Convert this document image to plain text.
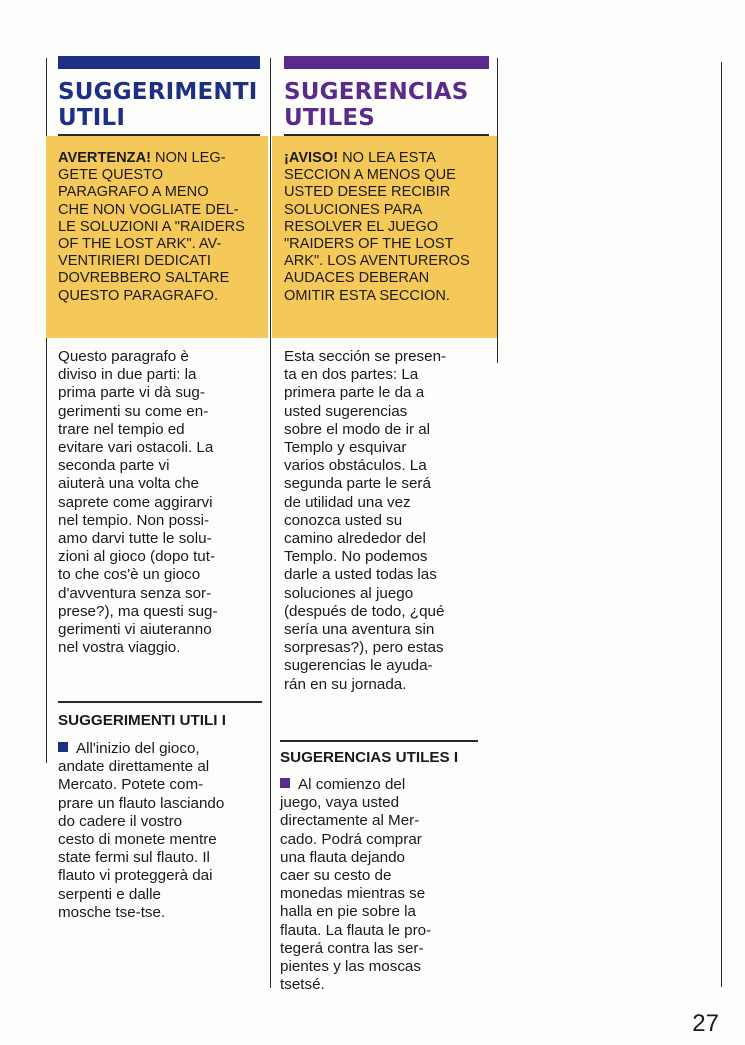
SUGGERIMENTI
UTILI
AVERTENZA! NON LEG-
GETE QUESTO
PARAGRAFO A MENO
CHE NON VOGLIATE DEL-
LE SOLUZIONI A "RAIDERS
OF THE LOST ARK". AV-
VENTIRIERI DEDICATI
DOVREBBERO SALTARE
QUESTO PARAGRAFO.
Questo paragrafo è
diviso in due parti: la
prima parte vi dà sug-
gerimenti su come en-
trare nel tempio ed
evitare vari ostacoli. La
seconda parte vi
aiuterà una volta che
saprete come aggirarvi
nel tempio. Non possi-
amo darvi tutte le solu-
zioni al gioco (dopo tut-
to che cos'è un gioco
d'avventura senza sor-
prese?), ma questi sug-
gerimenti vi aiuteranno
nel vostra viaggio.
SUGGERIMENTI UTILI I
All'inizio del gioco,
andate direttamente al
Mercato. Potete com-
prare un flauto lasciando
do cadere il vostro
cesto di monete mentre
state fermi sul flauto. Il
flauto vi proteggerà dai
serpenti e dalle
mosche tse-tse.
SUGERENCIAS
UTILES
¡AVISO! NO LEA ESTA
SECCION A MENOS QUE
USTED DESEE RECIBIR
SOLUCIONES PARA
RESOLVER EL JUEGO
"RAIDERS OF THE LOST
ARK". LOS AVENTUREROS
AUDACES DEBERAN
OMITIR ESTA SECCION.
Esta sección se presen-
ta en dos partes: La
primera parte le da a
usted sugerencias
sobre el modo de ir al
Templo y esquivar
varios obstáculos. La
segunda parte le será
de utilidad una vez
conozca usted su
camino alrededor del
Templo. No podemos
darle a usted todas las
soluciones al juego
(después de todo, ¿qué
sería una aventura sin
sorpresas?), pero estas
sugerencias le ayuda-
rán en su jornada.
SUGERENCIAS UTILES I
Al comienzo del
juego, vaya usted
directamente al Mer-
cado. Podrá comprar
una flauta dejando
caer su cesto de
monedas mientras se
halla en pie sobre la
flauta. La flauta le pro-
tegerá contra las ser-
pientes y las moscas
tsetsé.
27
